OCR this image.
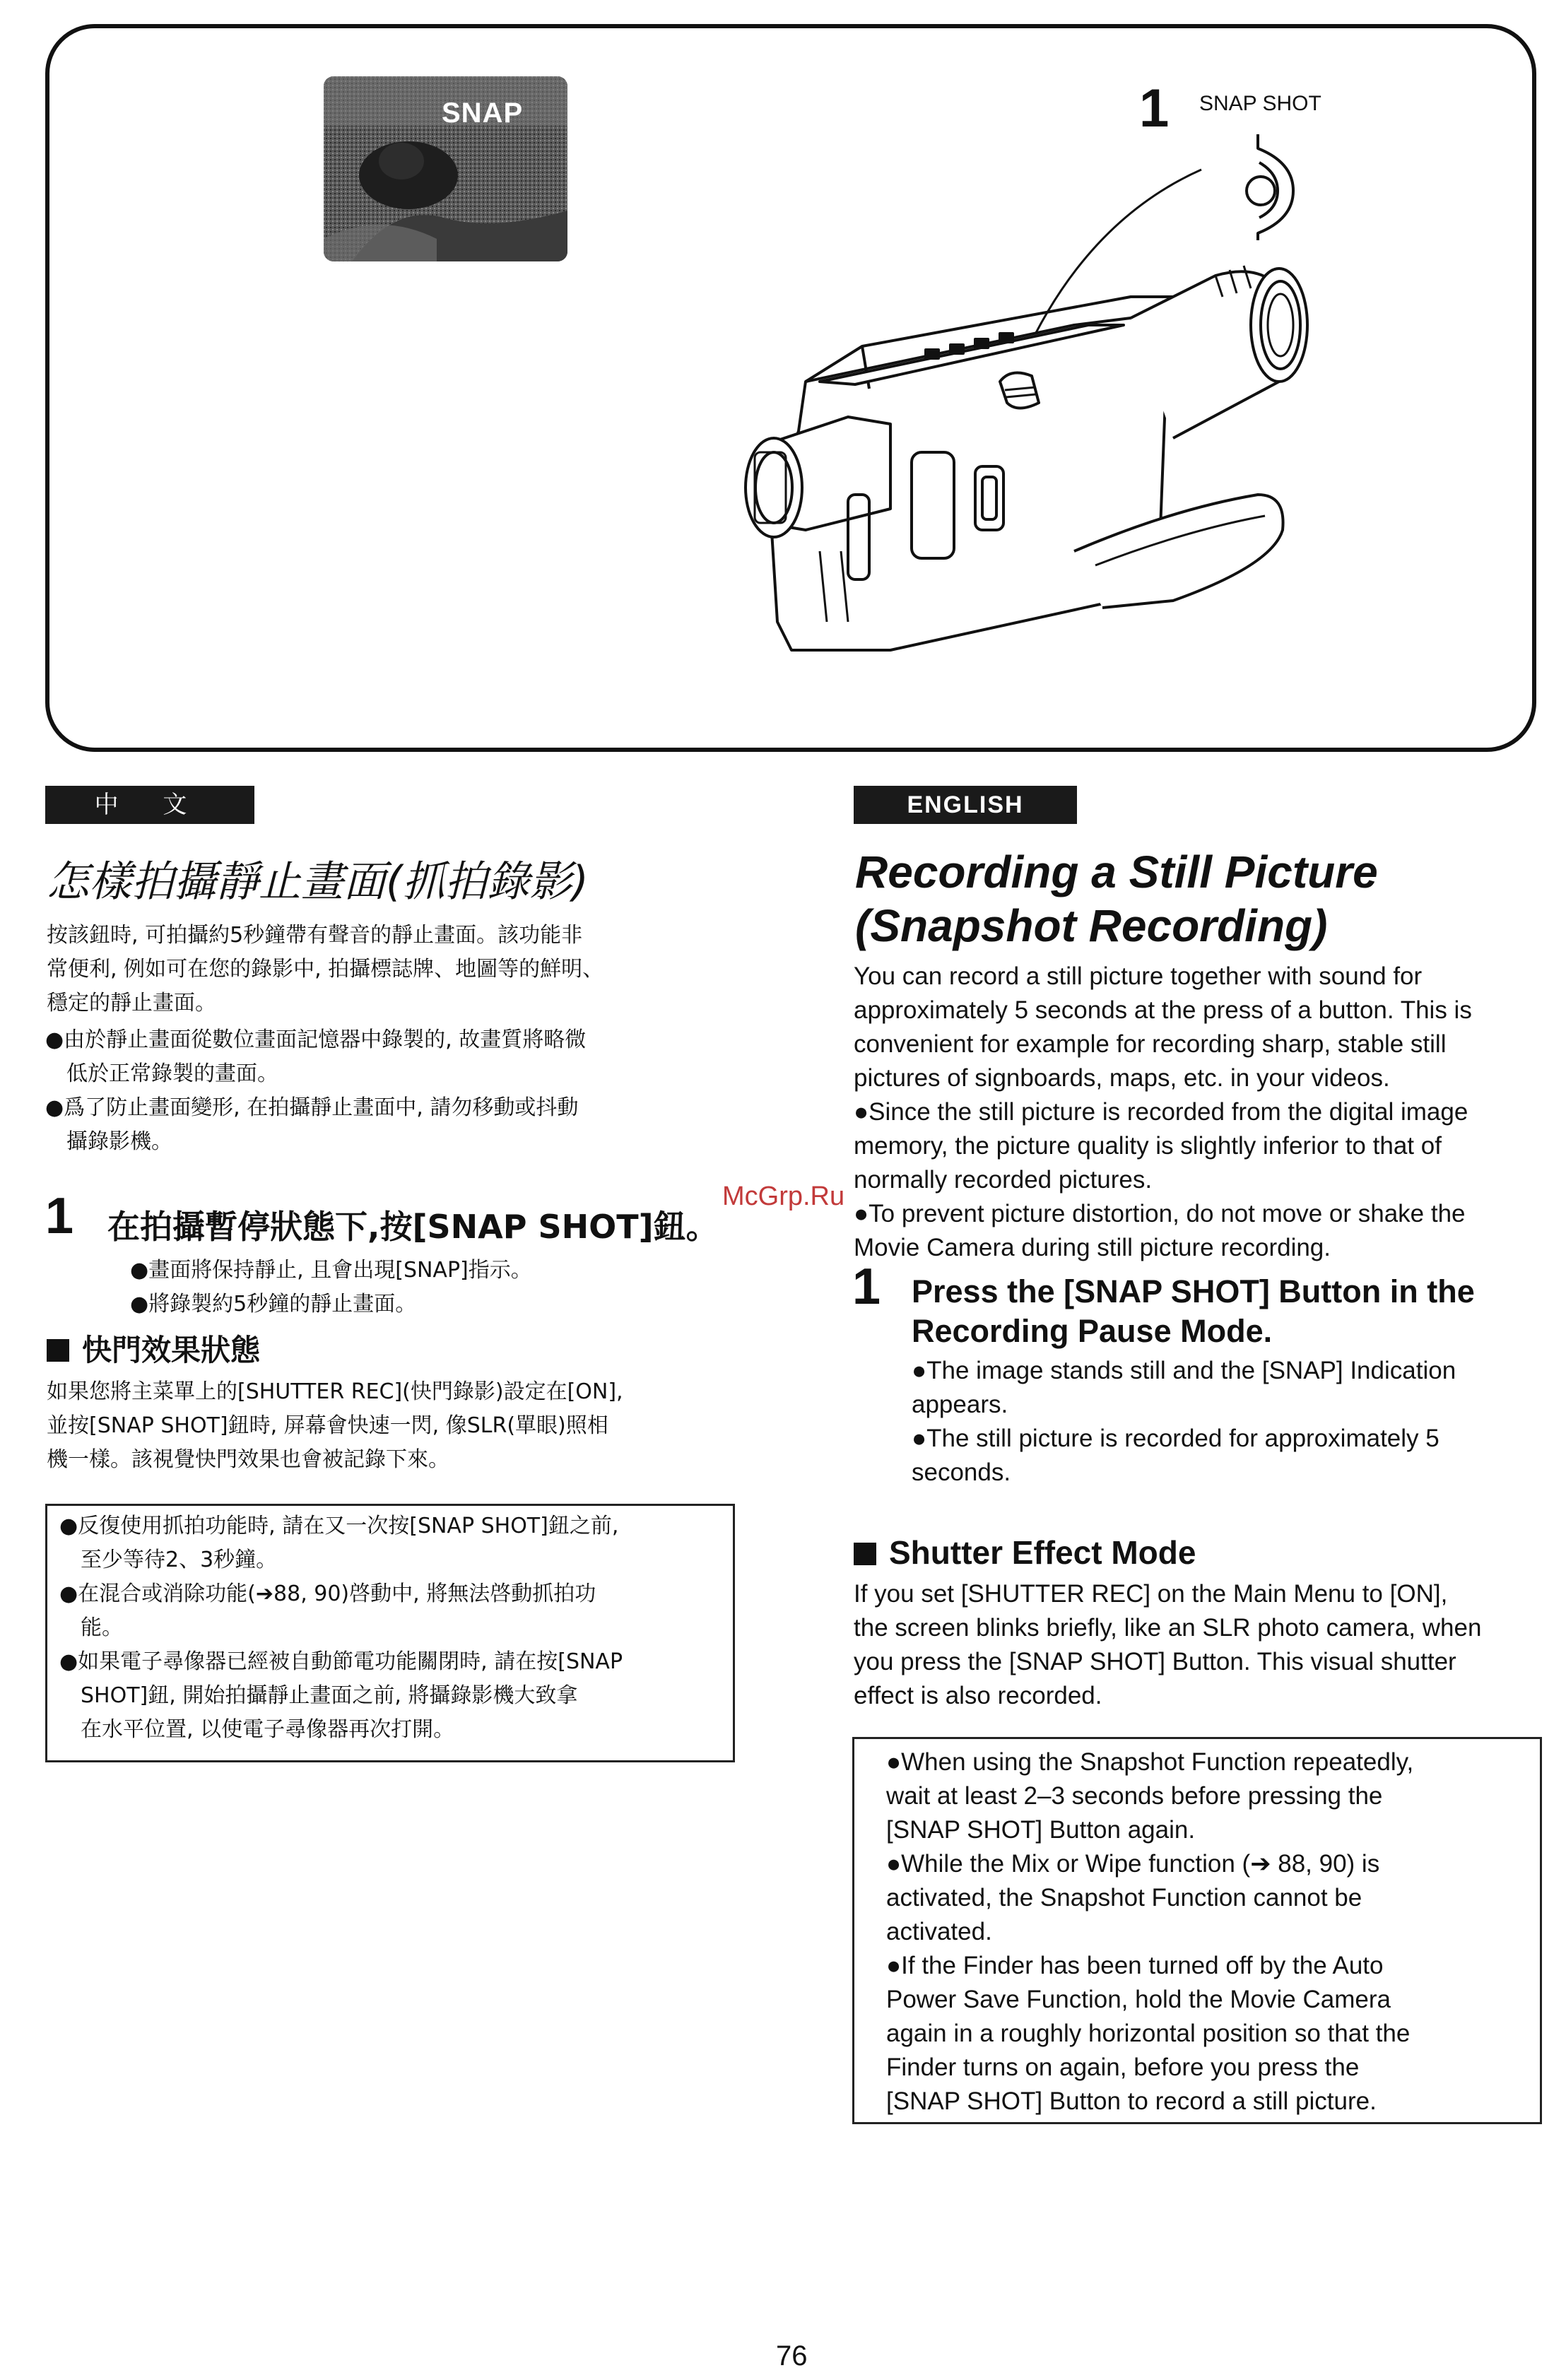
SNAP	1 SNAP SHOT
中 文
怎樣拍攝靜止畫面(抓拍錄影)
按該鈕時, 可拍攝約5秒鐘帶有聲音的靜止畫面。該功能非
常便利, 例如可在您的錄影中, 拍攝標誌牌、地圖等的鮮明、
穩定的靜止畫面。
●由於靜止畫面從數位畫面記憶器中錄製的, 故畫質將略微
　低於正常錄製的畫面。
●爲了防止畫面變形, 在拍攝靜止畫面中, 請勿移動或抖動
　攝錄影機。
1 在拍攝暫停狀態下,按[SNAP SHOT]鈕。
●畫面將保持靜止, 且會出現[SNAP]指示。
●將錄製約5秒鐘的靜止畫面。
快門效果狀態
如果您將主菜單上的[SHUTTER REC](快門錄影)設定在[ON],
並按[SNAP SHOT]鈕時, 屏幕會快速一閃, 像SLR(單眼)照相
機一樣。該視覺快門效果也會被記錄下來。
●反復使用抓拍功能時, 請在又一次按[SNAP SHOT]鈕之前,
　至少等待2、3秒鐘。
●在混合或消除功能(➔88, 90)啓動中, 將無法啓動抓拍功
　能。
●如果電子尋像器已經被自動節電功能關閉時, 請在按[SNAP
　SHOT]鈕, 開始拍攝靜止畫面之前, 將攝錄影機大致拿
　在水平位置, 以使電子尋像器再次打開。
ENGLISH
Recording a Still Picture
(Snapshot Recording)
You can record a still picture together with sound for
approximately 5 seconds at the press of a button. This is
convenient for example for recording sharp, stable still
pictures of signboards, maps, etc. in your videos.
●Since the still picture is recorded from the digital image
memory, the picture quality is slightly inferior to that of
normally recorded pictures.
●To prevent picture distortion, do not move or shake the
Movie Camera during still picture recording.
1 Press the [SNAP SHOT] Button in the
Recording Pause Mode.
●The image stands still and the [SNAP] Indication
appears.
●The still picture is recorded for approximately 5
seconds.
Shutter Effect Mode
If you set [SHUTTER REC] on the Main Menu to [ON],
the screen blinks briefly, like an SLR photo camera, when
you press the [SNAP SHOT] Button. This visual shutter
effect is also recorded.
●When using the Snapshot Function repeatedly,
wait at least 2–3 seconds before pressing the
[SNAP SHOT] Button again.
●While the Mix or Wipe function (➔ 88, 90) is
activated, the Snapshot Function cannot be
activated.
●If the Finder has been turned off by the Auto
Power Save Function, hold the Movie Camera
again in a roughly horizontal position so that the
Finder turns on again, before you press the
[SNAP SHOT] Button to record a still picture.
McGrp.Ru
76
